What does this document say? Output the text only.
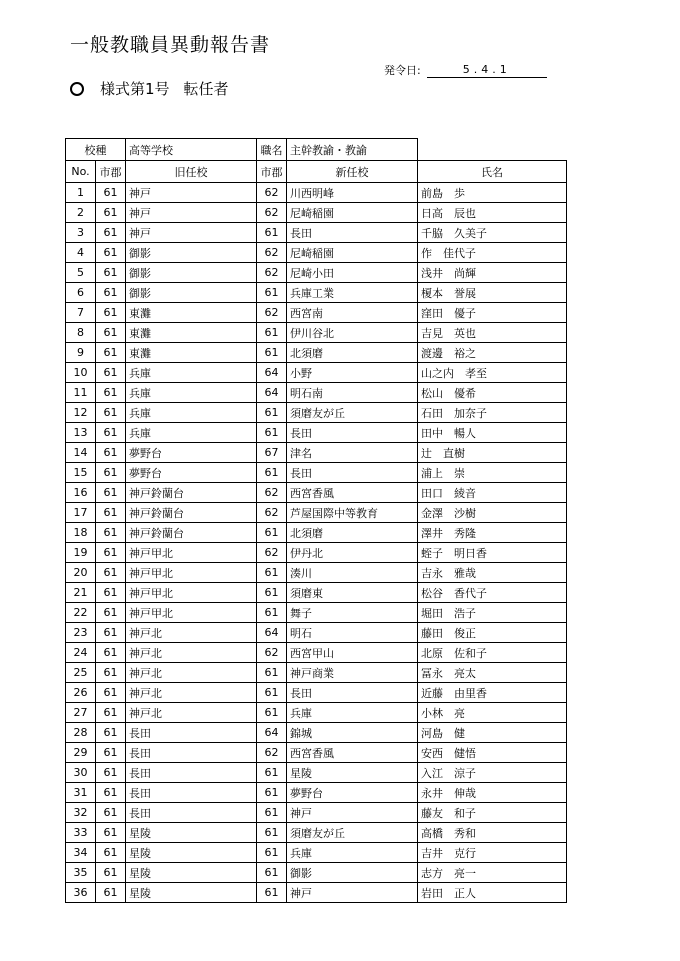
一般教職員異動報告書
発令日:	5.4.1
様式第1号 転任者
校種		高等学校	職名	主幹教諭・教諭	
No.	市郡	旧任校	市郡	新任校	氏名
1	61	神戸	62	川西明峰	前島　歩
2	61	神戸	62	尼崎稲園	日高　辰也
3	61	神戸	61	長田	千脇　久美子
4	61	御影	62	尼崎稲園	作　佳代子
5	61	御影	62	尼崎小田	浅井　尚輝
6	61	御影	61	兵庫工業	榎本　誉展
7	61	東灘	62	西宮南	窪田　優子
8	61	東灘	61	伊川谷北	吉見　英也
9	61	東灘	61	北須磨	渡邊　裕之
10	61	兵庫	64	小野	山之内　孝至
11	61	兵庫	64	明石南	松山　優希
12	61	兵庫	61	須磨友が丘	石田　加奈子
13	61	兵庫	61	長田	田中　暢人
14	61	夢野台	67	津名	辻　直樹
15	61	夢野台	61	長田	浦上　崇
16	61	神戸鈴蘭台	62	西宮香風	田口　綾音
17	61	神戸鈴蘭台	62	芦屋国際中等教育	金澤　沙樹
18	61	神戸鈴蘭台	61	北須磨	澤井　秀隆
19	61	神戸甲北	62	伊丹北	蛭子　明日香
20	61	神戸甲北	61	湊川	吉永　雅哉
21	61	神戸甲北	61	須磨東	松谷　香代子
22	61	神戸甲北	61	舞子	堀田　浩子
23	61	神戸北	64	明石	藤田　俊正
24	61	神戸北	62	西宮甲山	北原　佐和子
25	61	神戸北	61	神戸商業	冨永　亮太
26	61	神戸北	61	長田	近藤　由里香
27	61	神戸北	61	兵庫	小林　亮
28	61	長田	64	錦城	河島　健
29	61	長田	62	西宮香風	安西　健悟
30	61	長田	61	星陵	入江　涼子
31	61	長田	61	夢野台	永井　伸哉
32	61	長田	61	神戸	藤友　和子
33	61	星陵	61	須磨友が丘	高橋　秀和
34	61	星陵	61	兵庫	吉井　克行
35	61	星陵	61	御影	志方　亮一
36	61	星陵	61	神戸	岩田　正人
